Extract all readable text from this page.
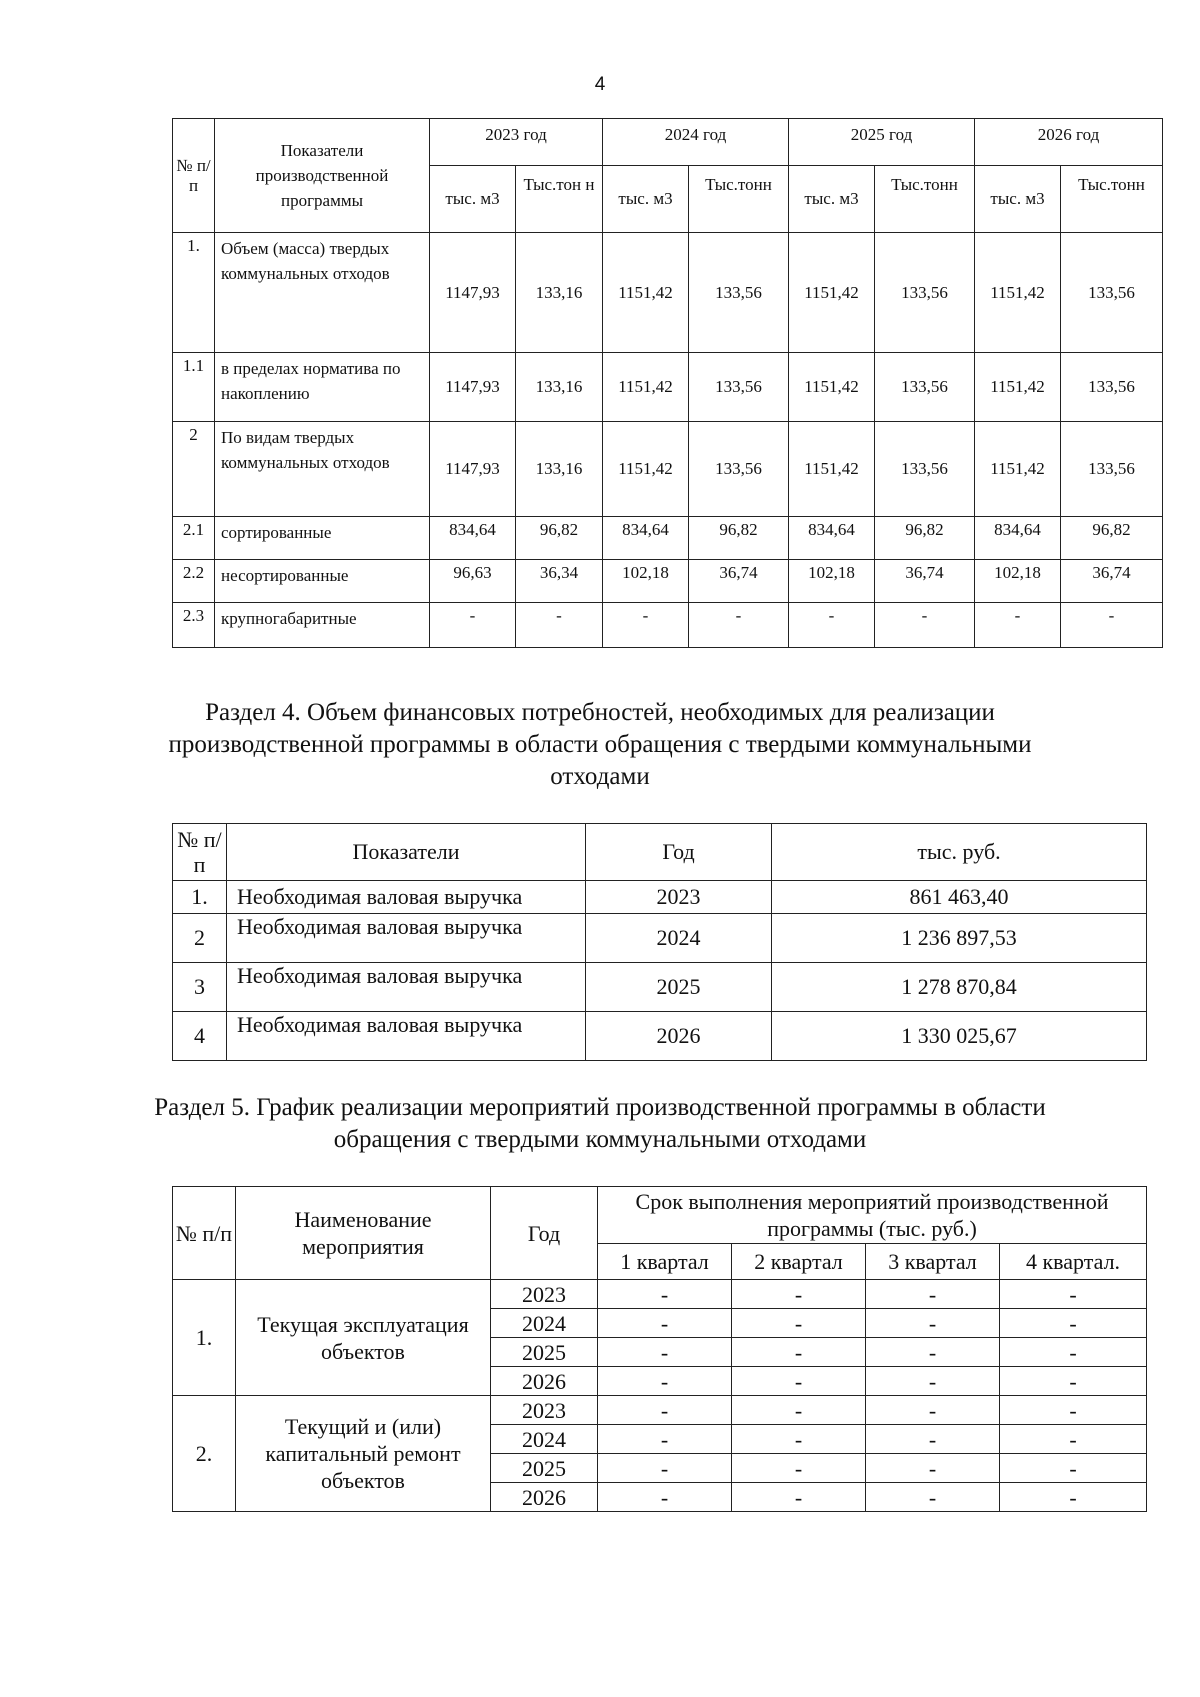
4
№ п/п	Показатели производственной программы	2023 год		2024 год		2025 год		2026 год	
		тыс. м3	Тыс.тон н	тыс. м3	Тыс.тонн	тыс. м3	Тыс.тонн	тыс. м3	Тыс.тонн
1.	Объем (масса) твердых коммунальных отходов	1147,93	133,16	1151,42	133,56	1151,42	133,56	1151,42	133,56
1.1	в пределах норматива по накоплению	1147,93	133,16	1151,42	133,56	1151,42	133,56	1151,42	133,56
2	По видам твердых коммунальных отходов	1147,93	133,16	1151,42	133,56	1151,42	133,56	1151,42	133,56
2.1	сортированные	834,64	96,82	834,64	96,82	834,64	96,82	834,64	96,82
2.2	несортированные	96,63	36,34	102,18	36,74	102,18	36,74	102,18	36,74
2.3	крупногабаритные	-	-	-	-	-	-	-	-
Раздел 4. Объем финансовых потребностей, необходимых для реализации производственной программы в области обращения с твердыми коммунальными отходами
№ п/п	Показатели	Год	тыс. руб.
1.	Необходимая валовая выручка	2023	861 463,40
2	Необходимая валовая выручка	2024	1 236 897,53
3	Необходимая валовая выручка	2025	1 278 870,84
4	Необходимая валовая выручка	2026	1 330 025,67
Раздел 5. График реализации мероприятий производственной программы в области обращения с твердыми коммунальными отходами
№ п/п	Наименование мероприятия	Год	Срок выполнения мероприятий производственной программы (тыс. руб.)			
			1 квартал	2 квартал	3 квартал	4 квартал.
1.	Текущая эксплуатация объектов	2023	-	-	-	-
		2024	-	-	-	-
		2025	-	-	-	-
		2026	-	-	-	-
2.	Текущий и (или) капитальный ремонт объектов	2023	-	-	-	-
		2024	-	-	-	-
		2025	-	-	-	-
		2026	-	-	-	-
